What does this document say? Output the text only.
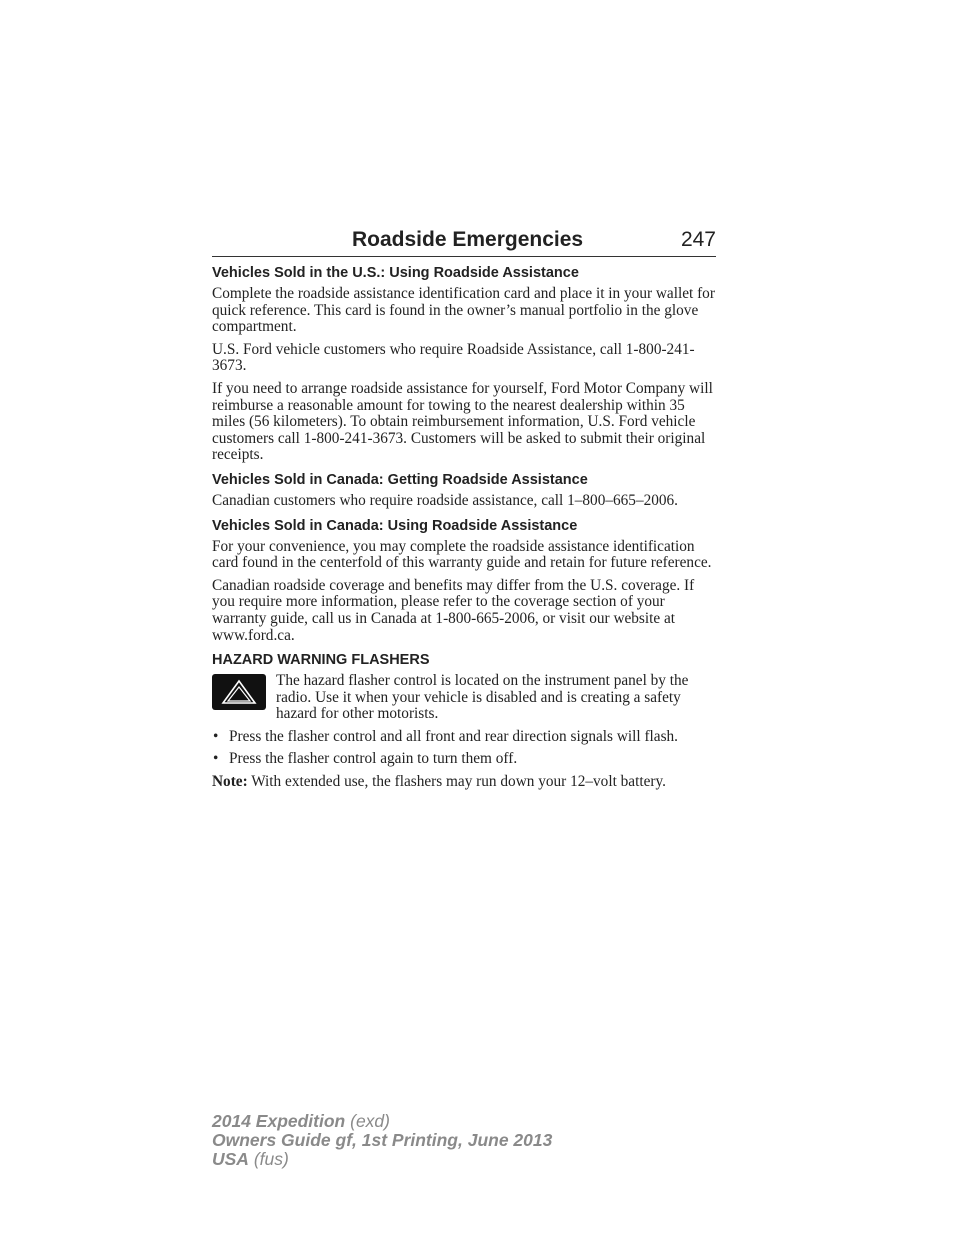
Roadside Emergencies	247
Vehicles Sold in the U.S.: Using Roadside Assistance

Complete the roadside assistance identification card and place it in your wallet for quick reference. This card is found in the owner’s manual portfolio in the glove compartment.

U.S. Ford vehicle customers who require Roadside Assistance, call 1-800-241-3673.

If you need to arrange roadside assistance for yourself, Ford Motor Company will reimburse a reasonable amount for towing to the nearest dealership within 35 miles (56 kilometers). To obtain reimbursement information, U.S. Ford vehicle customers call 1-800-241-3673. Customers will be asked to submit their original receipts.

Vehicles Sold in Canada: Getting Roadside Assistance

Canadian customers who require roadside assistance, call 1–800–665–2006.

Vehicles Sold in Canada: Using Roadside Assistance

For your convenience, you may complete the roadside assistance identification card found in the centerfold of this warranty guide and retain for future reference.

Canadian roadside coverage and benefits may differ from the U.S. coverage. If you require more information, please refer to the coverage section of your warranty guide, call us in Canada at 1-800-665-2006, or visit our website at www.ford.ca.

HAZARD WARNING FLASHERS

The hazard flasher control is located on the instrument panel by the radio. Use it when your vehicle is disabled and is creating a safety hazard for other motorists.

• Press the flasher control and all front and rear direction signals will flash.
• Press the flasher control again to turn them off.

Note: With extended use, the flashers may run down your 12–volt battery.

2014 Expedition (exd)
Owners Guide gf, 1st Printing, June 2013
USA (fus)
